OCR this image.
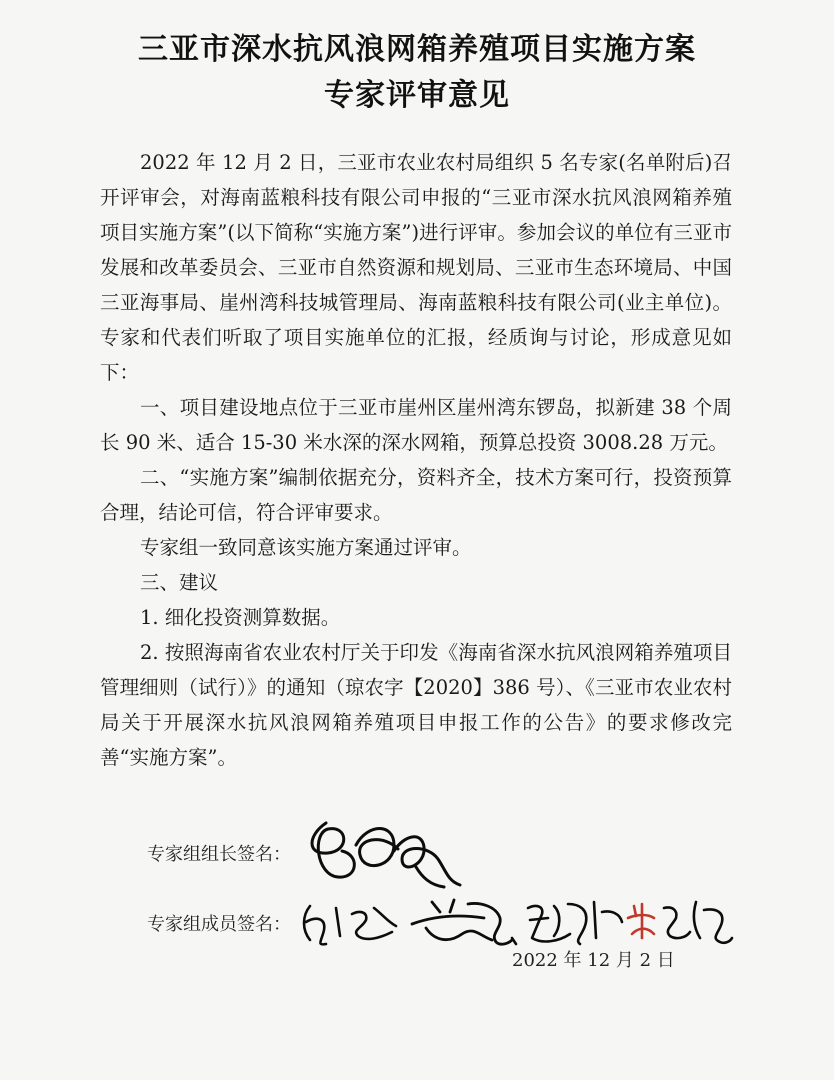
三亚市深水抗风浪网箱养殖项目实施方案
专家评审意见

2022 年 12 月 2 日，三亚市农业农村局组织 5 名专家(名单附后)召开评审会，对海南蓝粮科技有限公司申报的“三亚市深水抗风浪网箱养殖项目实施方案”(以下简称“实施方案”)进行评审。参加会议的单位有三亚市发展和改革委员会、三亚市自然资源和规划局、三亚市生态环境局、中国三亚海事局、崖州湾科技城管理局、海南蓝粮科技有限公司(业主单位)。专家和代表们听取了项目实施单位的汇报，经质询与讨论，形成意见如下：

一、项目建设地点位于三亚市崖州区崖州湾东锣岛，拟新建 38 个周长 90 米、适合 15-30 米水深的深水网箱，预算总投资 3008.28 万元。

二、“实施方案”编制依据充分，资料齐全，技术方案可行，投资预算合理，结论可信，符合评审要求。

专家组一致同意该实施方案通过评审。

三、建议

1. 细化投资测算数据。

2. 按照海南省农业农村厅关于印发《海南省深水抗风浪网箱养殖项目管理细则（试行）》的通知（琼农字【2020】386 号）、《三亚市农业农村局关于开展深水抗风浪网箱养殖项目申报工作的公告》的要求修改完善“实施方案”。

专家组组长签名：
专家组成员签名：
2022 年 12 月 2 日
